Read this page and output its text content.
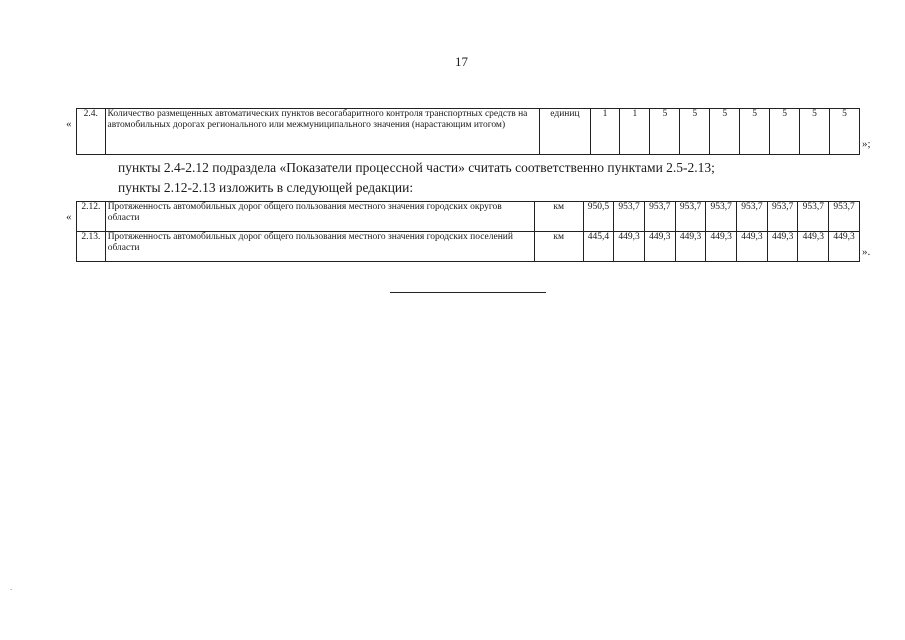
17
«
2.4.	Количество размещенных автоматических пунктов весогабаритного контроля транспортных средств на автомобильных дорогах регионального или межмуниципального значения (нарастающим итогом)	единиц	1	1	5	5	5	5	5	5	5
»;
пункты 2.4-2.12 подраздела «Показатели процессной части» считать соответственно пунктами 2.5-2.13;
пункты 2.12-2.13 изложить в следующей редакции:
«
2.12.	Протяженность автомобильных дорог общего пользования местного значения городских округов области	км	950,5	953,7	953,7	953,7	953,7	953,7	953,7	953,7	953,7
2.13.	Протяженность автомобильных дорог общего пользования местного значения городских поселений области	км	445,4	449,3	449,3	449,3	449,3	449,3	449,3	449,3	449,3
».
.
